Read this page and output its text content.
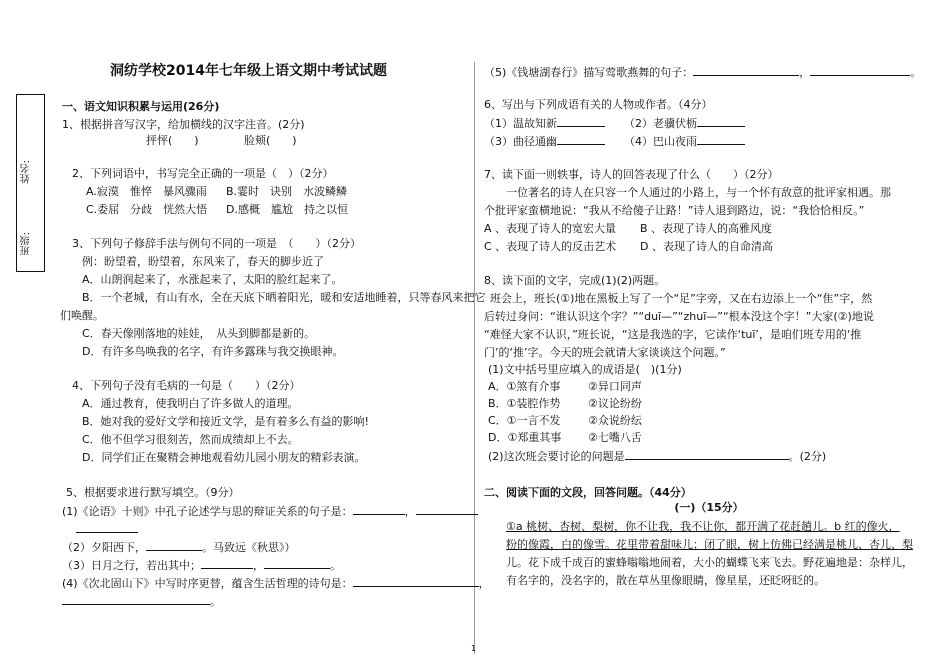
姓名:
班级:
洞纺学校2014年七年级上语文期中考试试题
一、语文知识积累与运用(26分)
1、根据拼音写汉字，给加横线的汉字注音。(2分)
抨怦(　　)	脸颊(　　)
2、下列词语中，书写完全正确的一项是（　）（2分）
A.寂漠　惟悴　暴风骤雨 B.霎时　诀别　水波鳞鳞
C.委屈　分歧　恍然大悟 D.感概　尴尬　持之以恒
3、下列句子修辞手法与例句不同的一项是　（　　）（2分）
例：盼望着，盼望着，东风来了，春天的脚步近了
A．山朗润起来了，水涨起来了，太阳的脸红起来了。
B．一个老城，有山有水，全在天底下晒着阳光，暖和安适地睡着，只等春风来把它
们唤醒。
C．春天像刚落地的娃娃，　从头到脚都是新的。
D．有许多鸟唤我的名字，有许多露珠与我交换眼神。
4、下列句子没有毛病的一句是（　　）（2分）
A．通过教育，使我明白了许多做人的道理。
B．她对我的爱好文学和接近文学，是有着多么有益的影响!
C．他不但学习很刻苦，然而成绩却上不去。
D．同学们正在聚精会神地观看幼儿园小朋友的精彩表演。
5、根据要求进行默写填空。（9分）
(1)《论语》十则》中孔子论述学与思的辩证关系的句子是：	，
（2）夕阳西下，	。马致远《秋思》）
（3）日月之行，若出其中；	，	。
(4)《次北固山下》中写时序更替，蕴含生活哲理的诗句是：	，
。
（5)《钱塘湖春行》描写莺歌燕舞的句子：	，	。
6、写出与下列成语有关的人物或作者。（4分）
（1）温故知新	（2）老骥伏枥
（3）曲径通幽	（4）巴山夜雨
7、读下面一则轶事，诗人的回答表现了什么（　　）（2分）
一位著名的诗人在只容一个人通过的小路上，与一个怀有敌意的批评家相遇。那
个批评家蛮横地说：“我从不给傻子让路！”诗人退到路边，说：“我恰恰相反。”
A 、表现了诗人的宽宏大量 B 、表现了诗人的高雅风度
C 、表现了诗人的反击艺术 D 、表现了诗人的自命清高
8、读下面的文字，完成(1)(2)两题。
班会上，班长(①)地在黑板上写了一个“足”字旁，又在右边添上一个“隹”字，然
后转过身问：“谁认识这个字？”“duī—”“zhuī—”“根本没这个字！”大家(②)地说
“难怪大家不认识，”班长说，“这是我选的字，它读作‘tuī’，是咱们班专用的‘推
门’的‘推’字。今天的班会就请大家谈谈这个问题。”
(1)文中括号里应填入的成语是(　)(1分)
A．①煞有介事	②异口同声
B．①装腔作势	②议论纷纷
C．①一言不发 ②众说纷纭
D．①郑重其事 ②七嘴八舌
(2)这次班会要讨论的问题是	。(2分)
二、阅读下面的文段，回答问题。（44分）
(一)（15分）
①a 桃树、杏树、梨树，你不让我，我不让你，都开满了花赶趟儿。b 红的像火，
粉的像霞，白的像雪。花里带着甜味儿；闭了眼，树上仿佛已经满是桃儿、杏儿、梨
儿。花下成千成百的蜜蜂嗡嗡地闹着，大小的蝴蝶飞来飞去。野花遍地是：杂样儿，
有名字的，没名字的，散在草丛里像眼睛，像星星，还眨呀眨的。
1
